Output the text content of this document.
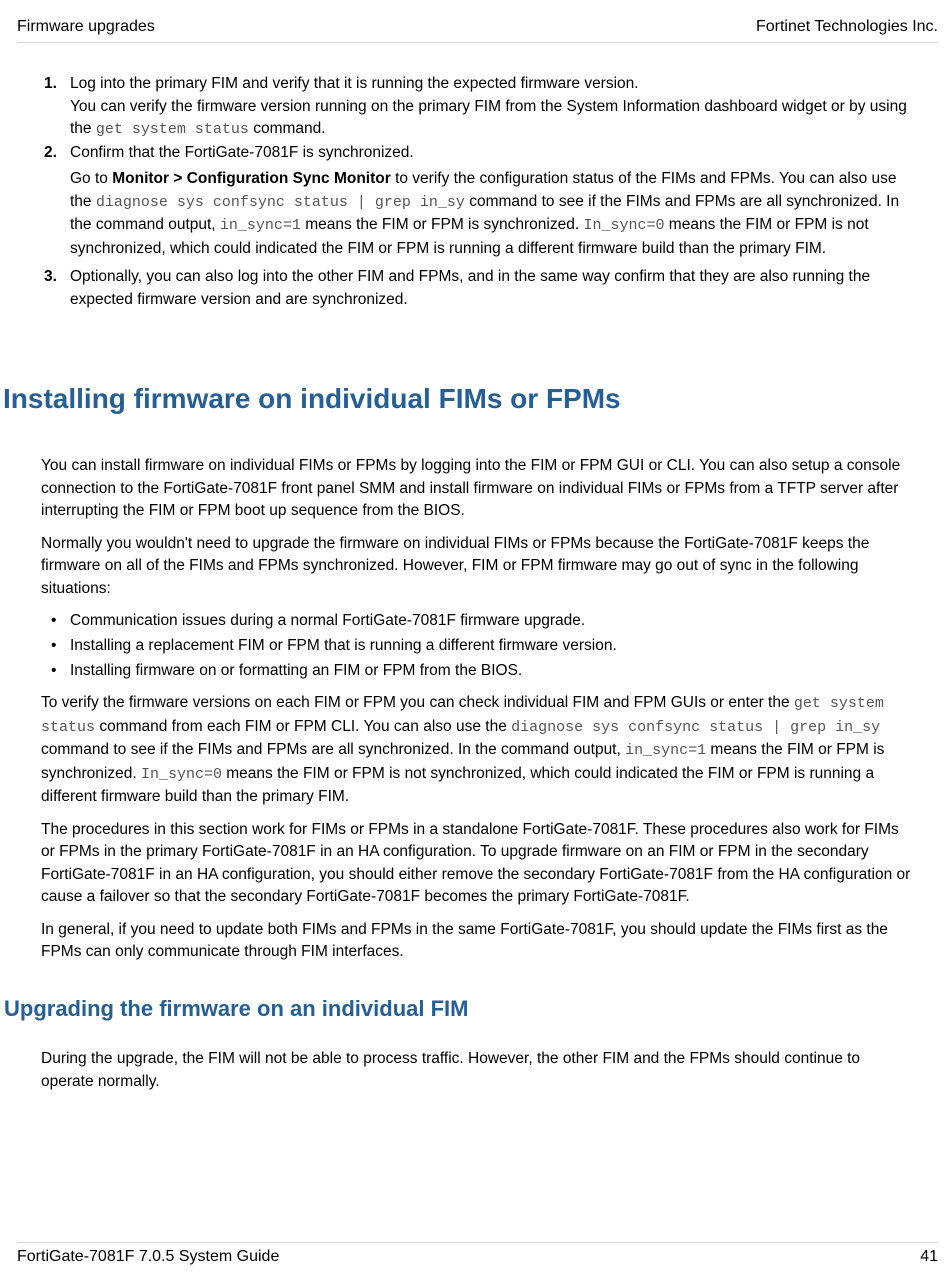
Firmware upgrades	Fortinet Technologies Inc.
1. Log into the primary FIM and verify that it is running the expected firmware version.

You can verify the firmware version running on the primary FIM from the System Information dashboard widget or by using the get system status command.

2. Confirm that the FortiGate-7081F is synchronized.

Go to Monitor > Configuration Sync Monitor to verify the configuration status of the FIMs and FPMs. You can also use the diagnose sys confsync status | grep in_sy command to see if the FIMs and FPMs are all synchronized. In the command output, in_sync=1 means the FIM or FPM is synchronized. In_sync=0 means the FIM or FPM is not synchronized, which could indicated the FIM or FPM is running a different firmware build than the primary FIM.

3. Optionally, you can also log into the other FIM and FPMs, and in the same way confirm that they are also running the expected firmware version and are synchronized.

Installing firmware on individual FIMs or FPMs

You can install firmware on individual FIMs or FPMs by logging into the FIM or FPM GUI or CLI. You can also setup a console connection to the FortiGate-7081F front panel SMM and install firmware on individual FIMs or FPMs from a TFTP server after interrupting the FIM or FPM boot up sequence from the BIOS.

Normally you wouldn't need to upgrade the firmware on individual FIMs or FPMs because the FortiGate-7081F keeps the firmware on all of the FIMs and FPMs synchronized. However, FIM or FPM firmware may go out of sync in the following situations:

• Communication issues during a normal FortiGate-7081F firmware upgrade.
• Installing a replacement FIM or FPM that is running a different firmware version.
• Installing firmware on or formatting an FIM or FPM from the BIOS.

To verify the firmware versions on each FIM or FPM you can check individual FIM and FPM GUIs or enter the get system status command from each FIM or FPM CLI. You can also use the diagnose sys confsync status | grep in_sy command to see if the FIMs and FPMs are all synchronized. In the command output, in_sync=1 means the FIM or FPM is synchronized. In_sync=0 means the FIM or FPM is not synchronized, which could indicated the FIM or FPM is running a different firmware build than the primary FIM.

The procedures in this section work for FIMs or FPMs in a standalone FortiGate-7081F. These procedures also work for FIMs or FPMs in the primary FortiGate-7081F in an HA configuration. To upgrade firmware on an FIM or FPM in the secondary FortiGate-7081F in an HA configuration, you should either remove the secondary FortiGate-7081F from the HA configuration or cause a failover so that the secondary FortiGate-7081F becomes the primary FortiGate-7081F.

In general, if you need to update both FIMs and FPMs in the same FortiGate-7081F, you should update the FIMs first as the FPMs can only communicate through FIM interfaces.

Upgrading the firmware on an individual FIM

During the upgrade, the FIM will not be able to process traffic. However, the other FIM and the FPMs should continue to operate normally.

FortiGate-7081F 7.0.5 System Guide	41
